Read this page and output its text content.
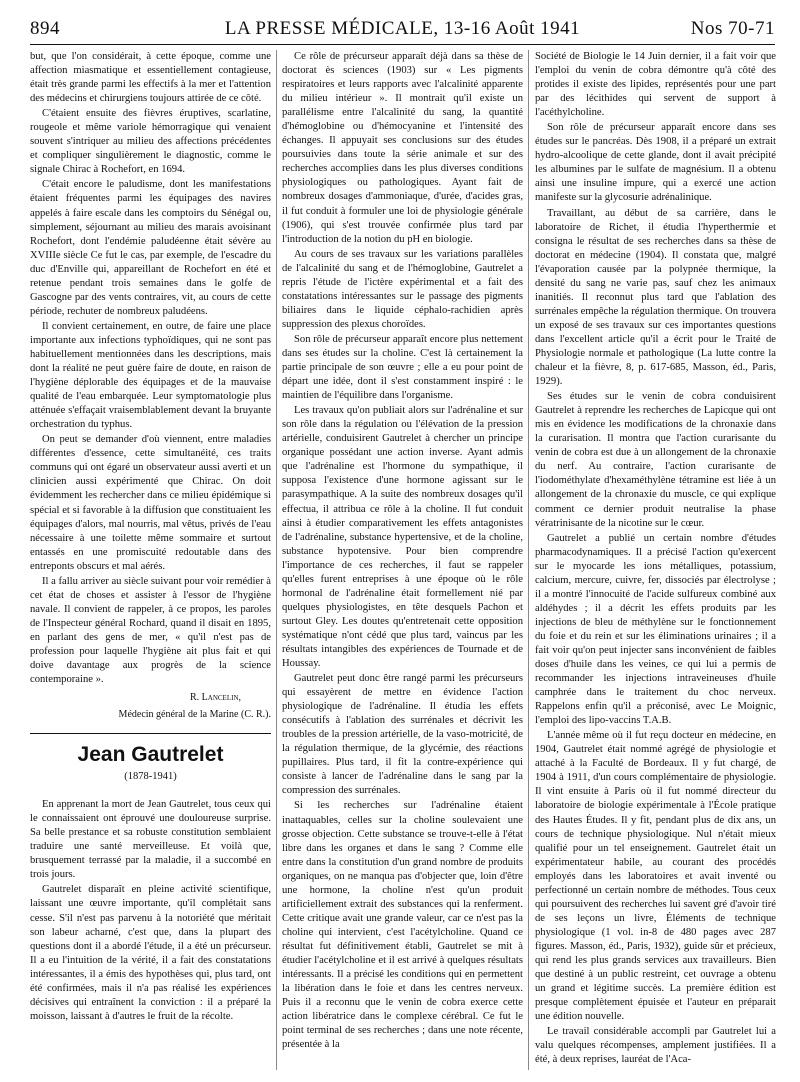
894	LA PRESSE MÉDICALE, 13-16 Août 1941	Nos 70-71

but, que l'on considérait, à cette époque, comme une affection miasmatique et essentiellement contagieuse, était très grande parmi les effectifs à la mer et l'attention des médecins et chirurgiens toujours attirée de ce côté.

C'étaient ensuite des fièvres éruptives, scarlatine, rougeole et même variole hémorragique qui venaient souvent s'intriquer au milieu des affections précédentes et compliquer singulièrement le diagnostic, comme le signale Chirac à Rochefort, en 1694.

C'était encore le paludisme, dont les manifestations étaient fréquentes parmi les équipages des navires appelés à faire escale dans les comptoirs du Sénégal ou, simplement, séjournant au milieu des marais avoisinant Rochefort, dont l'endémie paludéenne était sévère au XVIIIe siècle Ce fut le cas, par exemple, de l'escadre du duc d'Enville qui, appareillant de Rochefort en été et retenue pendant trois semaines dans le golfe de Gascogne par des vents contraires, vit, au cours de cette période, rechuter de nombreux paludéens.

Il convient certainement, en outre, de faire une place importante aux infections typhoïdiques, qui ne sont pas habituellement mentionnées dans les descriptions, mais dont la réalité ne peut guère faire de doute, en raison de l'hygiène déplorable des équipages et de la mauvaise qualité de l'eau embarquée. Leur symptomatologie plus atténuée s'effaçait vraisemblablement devant la bruyante orchestration du typhus.

On peut se demander d'où viennent, entre maladies différentes d'essence, cette simultanéité, ces traits communs qui ont égaré un observateur aussi averti et un clinicien aussi expérimenté que Chirac. On doit évidemment les rechercher dans ce milieu épidémique si spécial et si favorable à la diffusion que constituaient les équipages d'alors, mal nourris, mal vêtus, privés de l'eau nécessaire à une toilette même sommaire et surtout entassés en une promiscuité redoutable dans des entreponts obscurs et mal aérés.

Il a fallu arriver au siècle suivant pour voir remédier à cet état de choses et assister à l'essor de l'hygiène navale. Il convient de rappeler, à ce propos, les paroles de l'Inspecteur général Rochard, quand il disait en 1895, en parlant des gens de mer, « qu'il n'est pas de profession pour laquelle l'hygiène ait plus fait et qui doive davantage aux progrès de la science contemporaine ».

R. Lancelin,
Médecin général de la Marine (C. R.).
Jean Gautrelet
(1878-1941)

En apprenant la mort de Jean Gautrelet, tous ceux qui le connaissaient ont éprouvé une douloureuse surprise. Sa belle prestance et sa robuste constitution semblaient traduire une santé merveilleuse. Et voilà que, brusquement terrassé par la maladie, il a succombé en trois jours.

Gautrelet disparaît en pleine activité scientifique, laissant une œuvre importante, qu'il complétait sans cesse. S'il n'est pas parvenu à la notoriété que méritait son labeur acharné, c'est que, dans la plupart des questions dont il a abordé l'étude, il a été un précurseur. Il a eu l'intuition de la vérité, il a fait des constatations intéressantes, il a émis des hypothèses qui, plus tard, ont été confirmées, mais il n'a pas réalisé les expériences décisives qui entraînent la conviction : il a préparé la moisson, laissant à d'autres le fruit de la récolte.

Ce rôle de précurseur apparaît déjà dans sa thèse de doctorat ès sciences (1903) sur « Les pigments respiratoires et leurs rapports avec l'alcalinité apparente du milieu intérieur ». Il montrait qu'il existe un parallélisme entre l'alcalinité du sang, la quantité d'hémoglobine ou d'hémocyanine et l'intensité des échanges. Il appuyait ses conclusions sur des études poursuivies dans toute la série animale et sur des recherches accomplies dans les plus diverses conditions physiologiques ou pathologiques. Ayant fait de nombreux dosages d'ammoniaque, d'urée, d'acides gras, il fut conduit à formuler une loi de physiologie générale (1906), qui s'est trouvée confirmée plus tard par l'introduction de la notion du pH en biologie.

Au cours de ses travaux sur les variations parallèles de l'alcalinité du sang et de l'hémoglobine, Gautrelet a repris l'étude de l'ictère expérimental et a fait des constatations intéressantes sur le passage des pigments biliaires dans le liquide céphalo-rachidien après suppression des plexus choroïdes.

Son rôle de précurseur apparaît encore plus nettement dans ses études sur la choline. C'est là certainement la partie principale de son œuvre ; elle a eu pour point de départ une idée, dont il s'est constamment inspiré : le maintien de l'équilibre dans l'organisme.

Les travaux qu'on publiait alors sur l'adrénaline et sur son rôle dans la régulation ou l'élévation de la pression artérielle, conduisirent Gautrelet à chercher un principe organique possédant une action inverse. Ayant admis que l'adrénaline est l'hormone du sympathique, il supposa l'existence d'une hormone agissant sur le parasympathique. A la suite des nombreux dosages qu'il effectua, il attribua ce rôle à la choline. Il fut conduit ainsi à étudier comparativement les effets antagonistes de l'adrénaline, substance hypertensive, et de la choline, substance hypotensive. Pour bien comprendre l'importance de ces recherches, il faut se rappeler qu'elles furent entreprises à une époque où le rôle hormonal de l'adrénaline était formellement nié par quelques physiologistes, en tête desquels Pachon et surtout Gley. Les doutes qu'entretenait cette opposition systématique n'ont cédé que plus tard, vaincus par les résultats intangibles des expériences de Tournade et de Houssay.

Gautrelet peut donc être rangé parmi les précurseurs qui essayèrent de mettre en évidence l'action physiologique de l'adrénaline. Il étudia les effets consécutifs à l'ablation des surrénales et décrivit les troubles de la pression artérielle, de la vaso-motricité, de la régulation thermique, de la glycémie, des réactions pupillaires. Plus tard, il fit la contre-expérience qui consiste à lancer de l'adrénaline dans le sang par la compression des surrénales.

Si les recherches sur l'adrénaline étaient inattaquables, celles sur la choline soulevaient une grosse objection. Cette substance se trouve-t-elle à l'état libre dans les organes et dans le sang ? Comme elle entre dans la constitution d'un grand nombre de produits organiques, on ne manqua pas d'objecter que, loin d'être une hormone, la choline n'est qu'un produit artificiellement extrait des substances qui la renferment. Cette critique avait une grande valeur, car ce n'est pas la choline qui intervient, c'est l'acétylcholine. Quand ce résultat fut définitivement établi, Gautrelet se mit à étudier l'acétylcholine et il est arrivé à quelques résultats intéressants. Il a précisé les conditions qui en permettent la libération dans le foie et dans les centres nerveux. Puis il a reconnu que le venin de cobra exerce cette action libératrice dans le complexe cérébral. Ce fut le point terminal de ses recherches ; dans une note récente, présentée à la

Société de Biologie le 14 Juin dernier, il a fait voir que l'emploi du venin de cobra démontre qu'à côté des protides il existe des lipides, représentés pour une part par des lécithides qui servent de support à l'acéthylcholine.

Son rôle de précurseur apparaît encore dans ses études sur le pancréas. Dès 1908, il a préparé un extrait hydro-alcoolique de cette glande, dont il avait précipité les albumines par le sulfate de magnésium. Il a obtenu ainsi une insuline impure, qui a exercé une action manifeste sur la glycosurie adrénalinique.

Travaillant, au début de sa carrière, dans le laboratoire de Richet, il étudia l'hyperthermie et consigna le résultat de ses recherches dans sa thèse de doctorat en médecine (1904). Il constata que, malgré l'évaporation causée par la polypnée thermique, la densité du sang ne varie pas, sauf chez les animaux inanitiés. Il reconnut plus tard que l'ablation des surrénales empêche la régulation thermique. On trouvera un exposé de ses travaux sur ces importantes questions dans l'excellent article qu'il a écrit pour le Traité de Physiologie normale et pathologique (La lutte contre la chaleur et la fièvre, 8, p. 617-685, Masson, éd., Paris, 1929).

Ses études sur le venin de cobra conduisirent Gautrelet à reprendre les recherches de Lapicque qui ont mis en évidence les modifications de la chronaxie dans la curarisation. Il montra que l'action curarisante du venin de cobra est due à un allongement de la chronaxie du nerf. Au contraire, l'action curarisante de l'iodométhylate d'hexaméthylène tétramine est liée à un allongement de la chronaxie du muscle, ce qui explique comment ce dernier produit neutralise la phase vératrinisante de la nicotine sur le cœur.

Gautrelet a publié un certain nombre d'études pharmacodynamiques. Il a précisé l'action qu'exercent sur le myocarde les ions métalliques, potassium, calcium, mercure, cuivre, fer, dissociés par électrolyse ; il a montré l'innocuité de l'acide sulfureux combiné aux aldéhydes ; il a décrit les effets produits par les injections de bleu de méthylène sur le fonctionnement du foie et du rein et sur les éliminations urinaires ; il a fait voir qu'on peut injecter sans inconvénient de faibles doses d'huile dans les veines, ce qui lui a permis de recommander les injections intraveineuses d'huile camphrée dans le traitement du choc nerveux. Rappelons enfin qu'il a préconisé, avec Le Moignic, l'emploi des lipo-vaccins T.A.B.

L'année même où il fut reçu docteur en médecine, en 1904, Gautrelet était nommé agrégé de physiologie et attaché à la Faculté de Bordeaux. Il y fut chargé, de 1904 à 1911, d'un cours complémentaire de physiologie. Il vint ensuite à Paris où il fut nommé directeur du laboratoire de biologie expérimentale à l'École pratique des Hautes Études. Il y fit, pendant plus de dix ans, un cours de technique physiologique. Nul n'était mieux qualifié pour un tel enseignement. Gautrelet était un expérimentateur habile, au courant des procédés employés dans les laboratoires et avait inventé ou perfectionné un certain nombre de méthodes. Tous ceux qui poursuivent des recherches lui savent gré d'avoir tiré de ses leçons un livre, Éléments de technique physiologique (1 vol. in-8 de 480 pages avec 287 figures. Masson, éd., Paris, 1932), guide sûr et précieux, qui rend les plus grands services aux travailleurs. Bien que destiné à un public restreint, cet ouvrage a obtenu un grand et légitime succès. La première édition est presque complètement épuisée et l'auteur en préparait une édition nouvelle.

Le travail considérable accompli par Gautrelet lui a valu quelques récompenses, amplement justifiées. Il a été, à deux reprises, lauréat de l'Aca-
